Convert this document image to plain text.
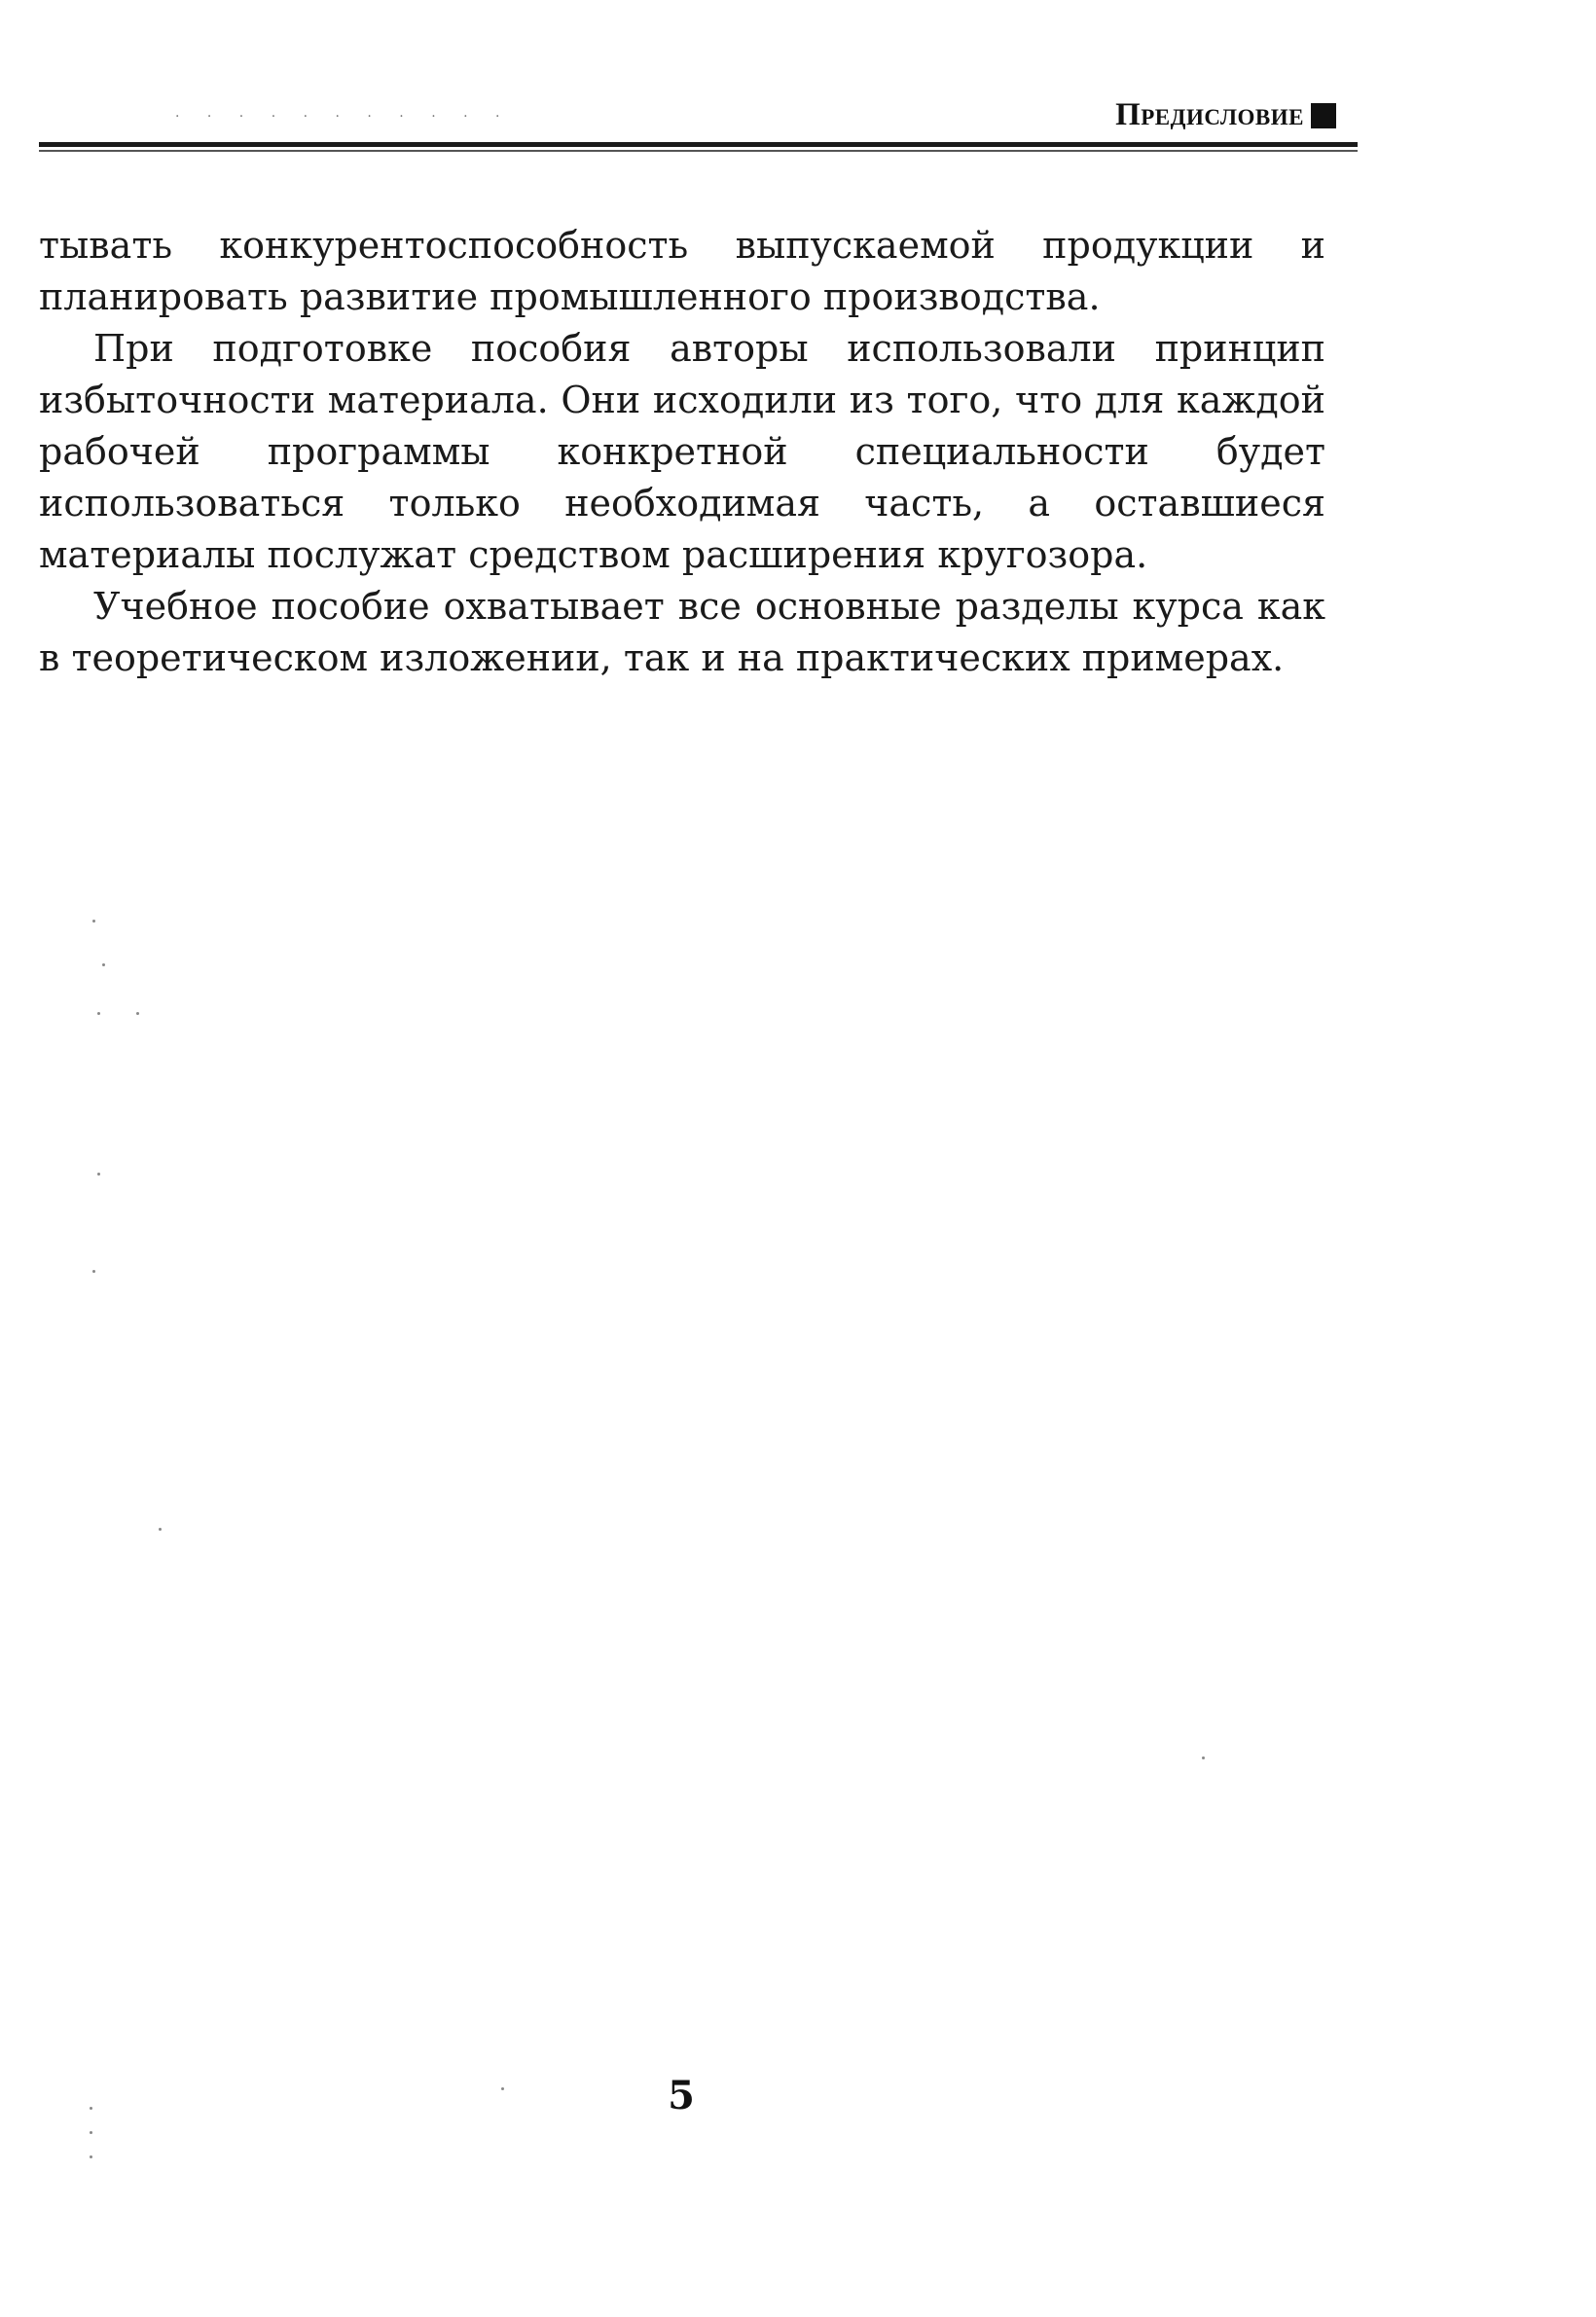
· · · · · · · · · · ·	Предисловие

тывать конкурентоспособность выпускаемой продукции и планировать развитие промышленного производства.

При подготовке пособия авторы использовали принцип избыточности материала. Они исходили из того, что для каждой рабочей программы конкретной специальности будет использоваться только необходимая часть, а оставшиеся материалы послужат средством расширения кругозора.

Учебное пособие охватывает все основные разделы курса как в теоретическом изложении, так и на практических примерах.

5
